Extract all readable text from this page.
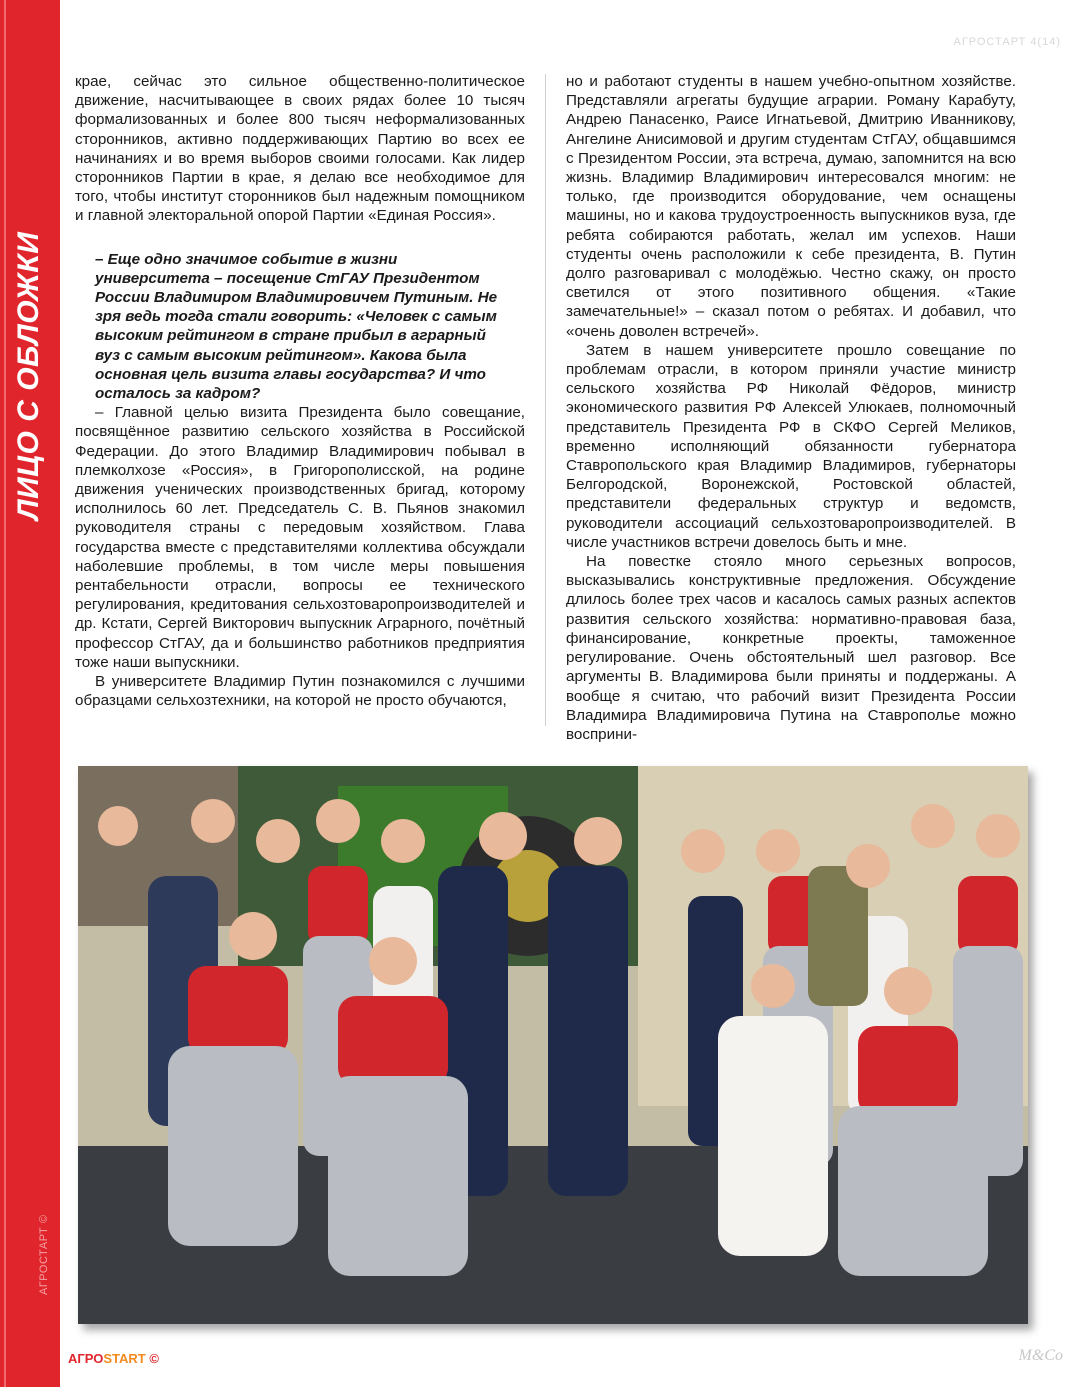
ЛИЦО С ОБЛОЖКИ
АГРОСТАРТ ©
АГРОСТАРТ 4(14)

крае, сейчас это сильное общественно-политическое движение, насчитывающее в своих рядах более 10 тысяч формализованных и более 800 тысяч неформализованных сторонников, активно поддерживающих Партию во всех ее начинаниях и во время выборов своими голосами. Как лидер сторонников Партии в крае, я делаю все необходимое для того, чтобы институт сторонников был надежным помощником и главной электоральной опорой Партии «Единая Россия».

– Еще одно значимое событие в жизни университета – посещение СтГАУ Президентом России Владимиром Владимировичем Путиным. Не зря ведь тогда стали говорить: «Человек с самым высоким рейтингом в стране прибыл в аграрный вуз с самым высоким рейтингом». Какова была основная цель визита главы государства? И что осталось за кадром?

– Главной целью визита Президента было совещание, посвящённое развитию сельского хозяйства в Российской Федерации. До этого Владимир Владимирович побывал в племколхозе «Россия», в Григорополисской, на родине движения ученических производственных бригад, которому исполнилось 60 лет. Председатель С. В. Пьянов знакомил руководителя страны с передовым хозяйством. Глава государства вместе с представителями коллектива обсуждали наболевшие проблемы, в том числе меры повышения рентабельности отрасли, вопросы ее технического регулирования, кредитования сельхозтоваропроизводителей и др. Кстати, Сергей Викторович выпускник Аграрного, почётный профессор СтГАУ, да и большинство работников предприятия тоже наши выпускники.

В университете Владимир Путин познакомился с лучшими образцами сельхозтехники, на которой не просто обучаются,

но и работают студенты в нашем учебно-опытном хозяйстве. Представляли агрегаты будущие аграрии. Роману Карабуту, Андрею Панасенко, Раисе Игнатьевой, Дмитрию Иванникову, Ангелине Анисимовой и другим студентам СтГАУ, общавшимся с Президентом России, эта встреча, думаю, запомнится на всю жизнь. Владимир Владимирович интересовался многим: не только, где производится оборудование, чем оснащены машины, но и какова трудоустроенность выпускников вуза, где ребята собираются работать, желал им успехов. Наши студенты очень расположили к себе президента, В. Путин долго разговаривал с молодёжью. Честно скажу, он просто светился от этого позитивного общения. «Такие замечательные!» – сказал потом о ребятах. И добавил, что «очень доволен встречей».

Затем в нашем университете прошло совещание по проблемам отрасли, в котором приняли участие министр сельского хозяйства РФ Николай Фёдоров, министр экономического развития РФ Алексей Улюкаев, полномочный представитель Президента РФ в СКФО Сергей Меликов, временно исполняющий обязанности губернатора Ставропольского края Владимир Владимиров, губернаторы Белгородской, Воронежской, Ростовской областей, представители федеральных структур и ведомств, руководители ассоциаций сельхозтоваропроизводителей. В числе участников встречи довелось быть и мне.

На повестке стояло много серьезных вопросов, высказывались конструктивные предложения. Обсуждение длилось более трех часов и касалось самых разных аспектов развития сельского хозяйства: нормативно-правовая база, финансирование, конкретные проекты, таможенное регулирование. Очень обстоятельный шел разговор. Все аргументы В. Владимирова были приняты и поддержаны. А вообще я считаю, что рабочий визит Президента России Владимира Владимировича Путина на Ставрополье можно восприни-

АГРОSTART ©	M&Co
